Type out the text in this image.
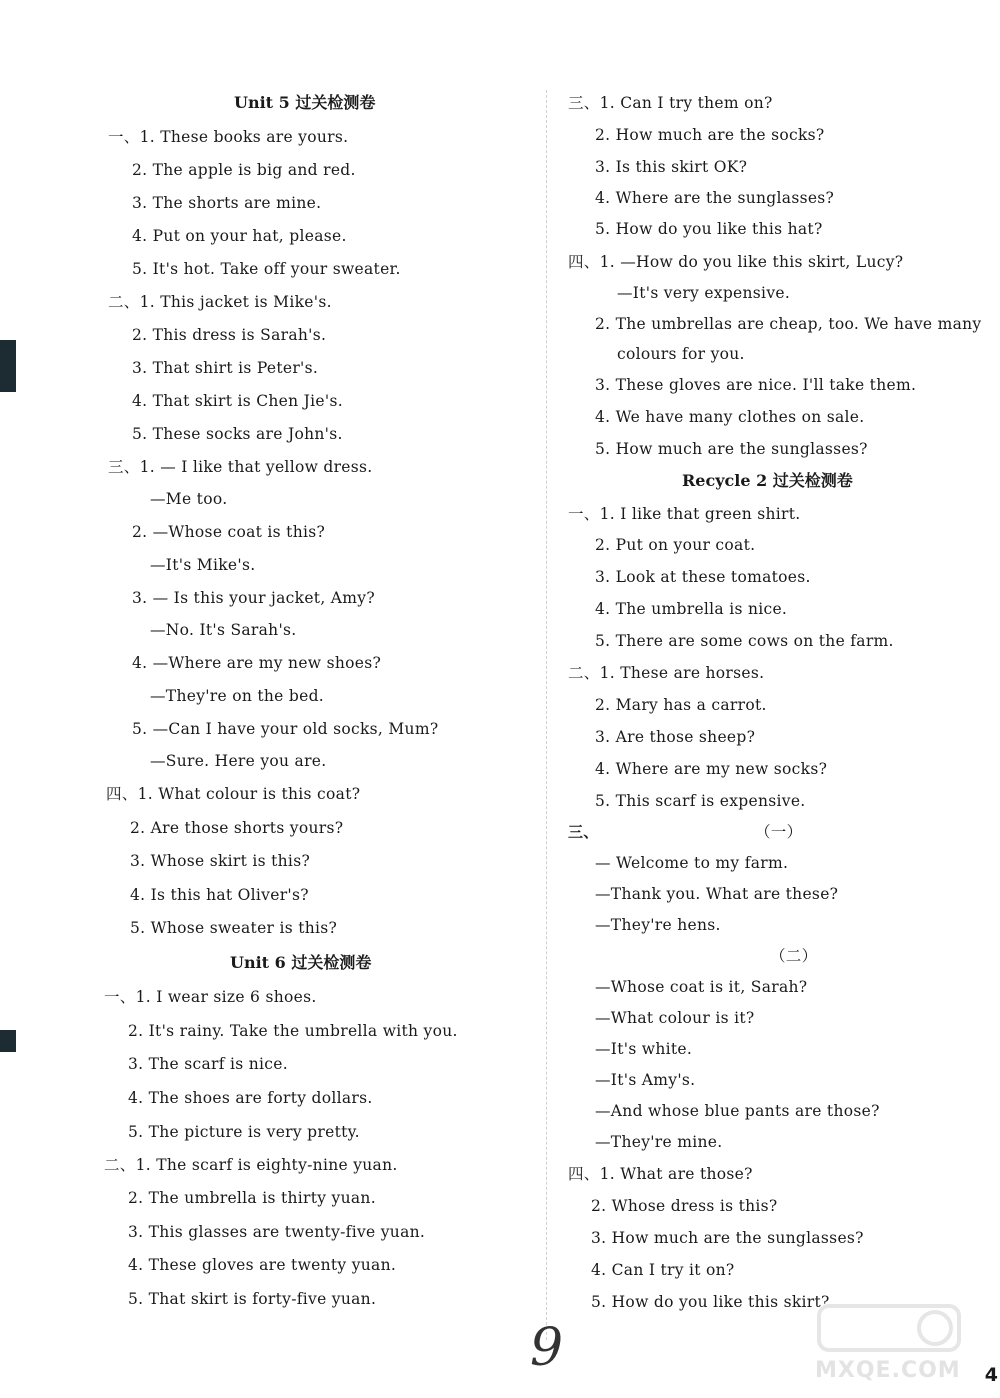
Unit 5 过关检测卷
一、1. These books are yours.
2. The apple is big and red.
3. The shorts are mine.
4. Put on your hat, please.
5. It's hot. Take off your sweater.
二、1. This jacket is Mike's.
2. This dress is Sarah's.
3. That shirt is Peter's.
4. That skirt is Chen Jie's.
5. These socks are John's.
三、1. — I like that yellow dress.
—Me too.
2. —Whose coat is this?
—It's Mike's.
3. — Is this your jacket, Amy?
—No. It's Sarah's.
4. —Where are my new shoes?
—They're on the bed.
5. —Can I have your old socks, Mum?
—Sure. Here you are.
四、1. What colour is this coat?
2. Are those shorts yours?
3. Whose skirt is this?
4. Is this hat Oliver's?
5. Whose sweater is this?
Unit 6 过关检测卷
一、1. I wear size 6 shoes.
2. It's rainy. Take the umbrella with you.
3. The scarf is nice.
4. The shoes are forty dollars.
5. The picture is very pretty.
二、1. The scarf is eighty-nine yuan.
2. The umbrella is thirty yuan.
3. This glasses are twenty-five yuan.
4. These gloves are twenty yuan.
5. That skirt is forty-five yuan.
三、1. Can I try them on?
2. How much are the socks?
3. Is this skirt OK?
4. Where are the sunglasses?
5. How do you like this hat?
四、1. —How do you like this skirt, Lucy?
—It's very expensive.
2. The umbrellas are cheap, too. We have many
colours for you.
3. These gloves are nice. I'll take them.
4. We have many clothes on sale.
5. How much are the sunglasses?
Recycle 2 过关检测卷
一、1. I like that green shirt.
2. Put on your coat.
3. Look at these tomatoes.
4. The umbrella is nice.
5. There are some cows on the farm.
二、1. These are horses.
2. Mary has a carrot.
3. Are those sheep?
4. Where are my new socks?
5. This scarf is expensive.
三、	（一）
— Welcome to my farm.
—Thank you. What are these?
—They're hens.
（二）
—Whose coat is it, Sarah?
—What colour is it?
—It's white.
—It's Amy's.
—And whose blue pants are those?
—They're mine.
四、1. What are those?
2. Whose dress is this?
3. How much are the sunglasses?
4. Can I try it on?
5. How do you like this skirt?
9	MXQE.COM 4
